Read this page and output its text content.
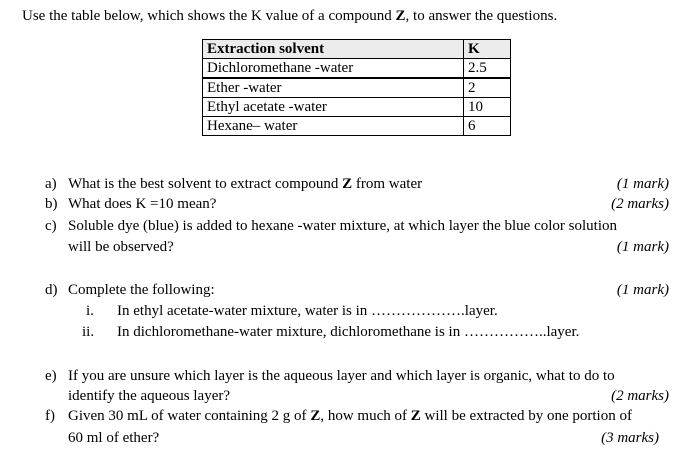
Use the table below, which shows the K value of a compound Z, to answer the questions.
Extraction solvent	K
Dichloromethane -water	2.5
Ether -water	2
Ethyl acetate -water	10
Hexane– water	6
a) What is the best solvent to extract compound Z from water	(1 mark)
b) What does K =10 mean?	(2 marks)
c) Soluble dye (blue) is added to hexane -water mixture, at which layer the blue color solution
will be observed?	(1 mark)
d) Complete the following:	(1 mark)
i. In ethyl acetate-water mixture, water is in ……………….layer.
ii. In dichloromethane-water mixture, dichloromethane is in ……………..layer.
e) If you are unsure which layer is the aqueous layer and which layer is organic, what to do to
identify the aqueous layer?	(2 marks)
f) Given 30 mL of water containing 2 g of Z, how much of Z will be extracted by one portion of
60 ml of ether?	(3 marks)
